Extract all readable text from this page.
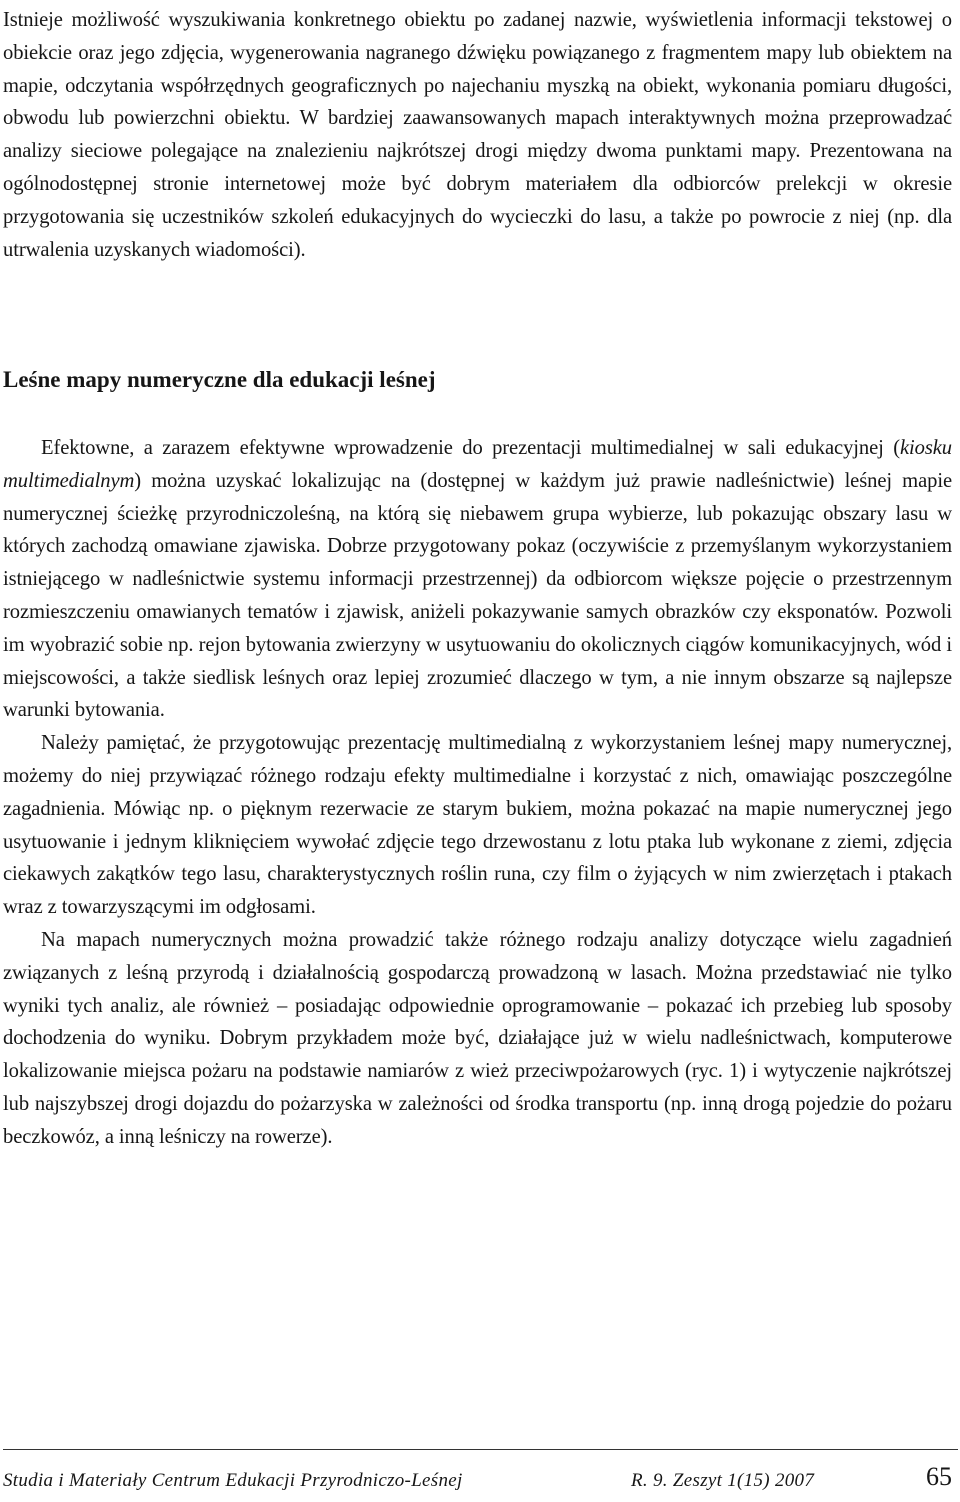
Istnieje możliwość wyszukiwania konkretnego obiektu po zadanej nazwie, wyświetlenia informacji tekstowej o obiekcie oraz jego zdjęcia, wygenerowania nagranego dźwięku powiązanego z fragmentem mapy lub obiektem na mapie, odczytania współrzędnych geograficznych po najechaniu myszką na obiekt, wykonania pomiaru długości, obwodu lub powierzchni obiektu. W bardziej zaawansowanych mapach interaktywnych można przeprowadzać analizy sieciowe polegające na znalezieniu najkrótszej drogi między dwoma punktami mapy. Prezentowana na ogólnodostępnej stronie internetowej może być dobrym materiałem dla odbiorców prelekcji w okresie przygotowania się uczestników szkoleń edukacyjnych do wycieczki do lasu, a także po powrocie z niej (np. dla utrwalenia uzyskanych wiadomości).
Leśne mapy numeryczne dla edukacji leśnej

Efektowne, a zarazem efektywne wprowadzenie do prezentacji multimedialnej w sali edukacyjnej (kiosku multimedialnym) można uzyskać lokalizując na (dostępnej w każdym już prawie nadleśnictwie) leśnej mapie numerycznej ścieżkę przyrodniczoleśną, na którą się niebawem grupa wybierze, lub pokazując obszary lasu w których zachodzą omawiane zjawiska. Dobrze przygotowany pokaz (oczywiście z przemyślanym wykorzystaniem istniejącego w nadleśnictwie systemu informacji przestrzennej) da odbiorcom większe pojęcie o przestrzennym rozmieszczeniu omawianych tematów i zjawisk, aniżeli pokazywanie samych obrazków czy eksponatów. Pozwoli im wyobrazić sobie np. rejon bytowania zwierzyny w usytuowaniu do okolicznych ciągów komunikacyjnych, wód i miejscowości, a także siedlisk leśnych oraz lepiej zrozumieć dlaczego w tym, a nie innym obszarze są najlepsze warunki bytowania.

Należy pamiętać, że przygotowując prezentację multimedialną z wykorzystaniem leśnej mapy numerycznej, możemy do niej przywiązać różnego rodzaju efekty multimedialne i korzystać z nich, omawiając poszczególne zagadnienia. Mówiąc np. o pięknym rezerwacie ze starym bukiem, można pokazać na mapie numerycznej jego usytuowanie i jednym kliknięciem wywołać zdjęcie tego drzewostanu z lotu ptaka lub wykonane z ziemi, zdjęcia ciekawych zakątków tego lasu, charakterystycznych roślin runa, czy film o żyjących w nim zwierzętach i ptakach wraz z towarzyszącymi im odgłosami.

Na mapach numerycznych można prowadzić także różnego rodzaju analizy dotyczące wielu zagadnień związanych z leśną przyrodą i działalnością gospodarczą prowadzoną w lasach. Można przedstawiać nie tylko wyniki tych analiz, ale również – posiadając odpowiednie oprogramowanie – pokazać ich przebieg lub sposoby dochodzenia do wyniku. Dobrym przykładem może być, działające już w wielu nadleśnictwach, komputerowe lokalizowanie miejsca pożaru na podstawie namiarów z wież przeciwpożarowych (ryc. 1) i wytyczenie najkrótszej lub najszybszej drogi dojazdu do pożarzyska w zależności od środka transportu (np. inną drogą pojedzie do pożaru beczkowóz, a inną leśniczy na rowerze).

Studia i Materiały Centrum Edukacji Przyrodniczo-Leśnej	R. 9. Zeszyt 1(15) 2007	65
